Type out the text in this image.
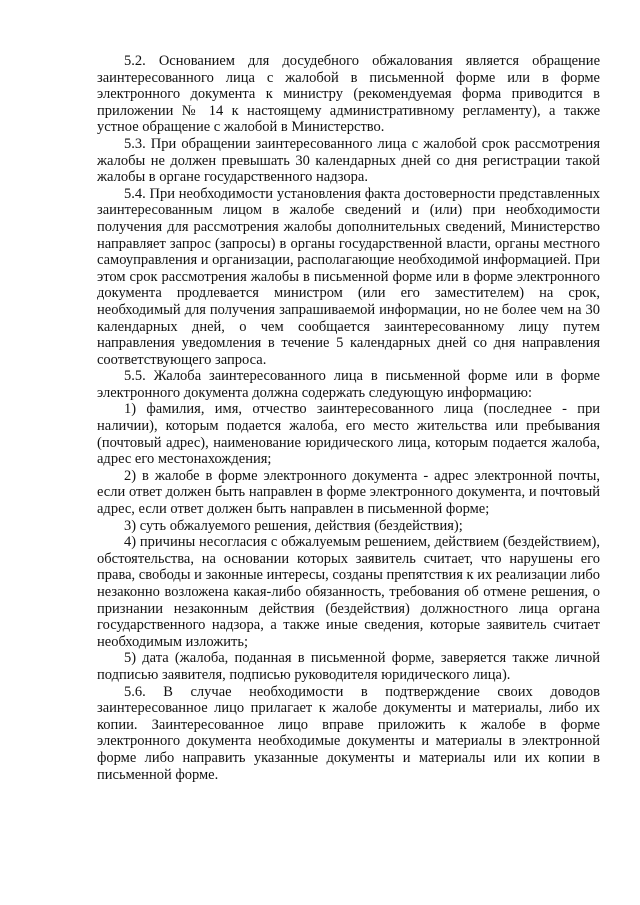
5.2. Основанием для досудебного обжалования является обращение заинтересованного лица с жалобой в письменной форме или в форме электронного документа к министру (рекомендуемая форма приводится в приложении № 14 к настоящему административному регламенту), а также устное обращение с жалобой в Министерство.

5.3. При обращении заинтересованного лица с жалобой срок рассмотрения жалобы не должен превышать 30 календарных дней со дня регистрации такой жалобы в органе государственного надзора.

5.4. При необходимости установления факта достоверности представленных заинтересованным лицом в жалобе сведений и (или) при необходимости получения для рассмотрения жалобы дополнительных сведений, Министерство направляет запрос (запросы) в органы государственной власти, органы местного самоуправления и организации, располагающие необходимой информацией. При этом срок рассмотрения жалобы в письменной форме или в форме электронного документа продлевается министром (или его заместителем) на срок, необходимый для получения запрашиваемой информации, но не более чем на 30 календарных дней, о чем сообщается заинтересованному лицу путем направления уведомления в течение 5 календарных дней со дня направления соответствующего запроса.

5.5. Жалоба заинтересованного лица в письменной форме или в форме электронного документа должна содержать следующую информацию:

1) фамилия, имя, отчество заинтересованного лица (последнее - при наличии), которым подается жалоба, его место жительства или пребывания (почтовый адрес), наименование юридического лица, которым подается жалоба, адрес его местонахождения;

2) в жалобе в форме электронного документа - адрес электронной почты, если ответ должен быть направлен в форме электронного документа, и почтовый адрес, если ответ должен быть направлен в письменной форме;

3) суть обжалуемого решения, действия (бездействия);

4) причины несогласия с обжалуемым решением, действием (бездействием), обстоятельства, на основании которых заявитель считает, что нарушены его права, свободы и законные интересы, созданы препятствия к их реализации либо незаконно возложена какая-либо обязанность, требования об отмене решения, о признании незаконным действия (бездействия) должностного лица органа государственного надзора, а также иные сведения, которые заявитель считает необходимым изложить;

5) дата (жалоба, поданная в письменной форме, заверяется также личной подписью заявителя, подписью руководителя юридического лица).

5.6. В случае необходимости в подтверждение своих доводов заинтересованное лицо прилагает к жалобе документы и материалы, либо их копии. Заинтересованное лицо вправе приложить к жалобе в форме электронного документа необходимые документы и материалы в электронной форме либо направить указанные документы и материалы или их копии в письменной форме.
